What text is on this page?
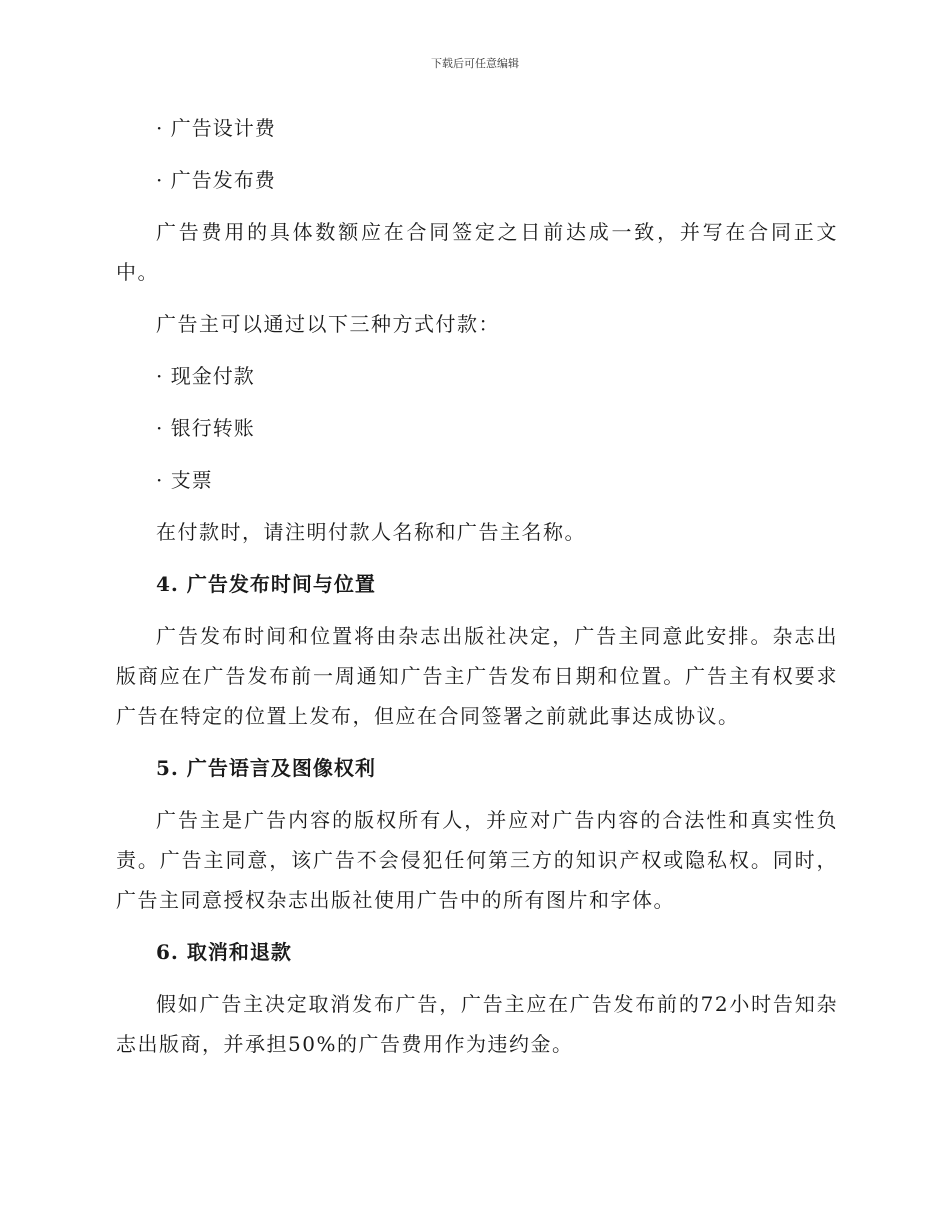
下载后可任意编辑

· 广告设计费

· 广告发布费

广告费用的具体数额应在合同签定之日前达成一致，并写在合同正文中。

广告主可以通过以下三种方式付款：

· 现金付款

· 银行转账

· 支票

在付款时，请注明付款人名称和广告主名称。

4. 广告发布时间与位置

广告发布时间和位置将由杂志出版社决定，广告主同意此安排。杂志出版商应在广告发布前一周通知广告主广告发布日期和位置。广告主有权要求广告在特定的位置上发布，但应在合同签署之前就此事达成协议。

5. 广告语言及图像权利

广告主是广告内容的版权所有人，并应对广告内容的合法性和真实性负责。广告主同意，该广告不会侵犯任何第三方的知识产权或隐私权。同时，广告主同意授权杂志出版社使用广告中的所有图片和字体。

6. 取消和退款

假如广告主决定取消发布广告，广告主应在广告发布前的72小时告知杂志出版商，并承担50%的广告费用作为违约金。
